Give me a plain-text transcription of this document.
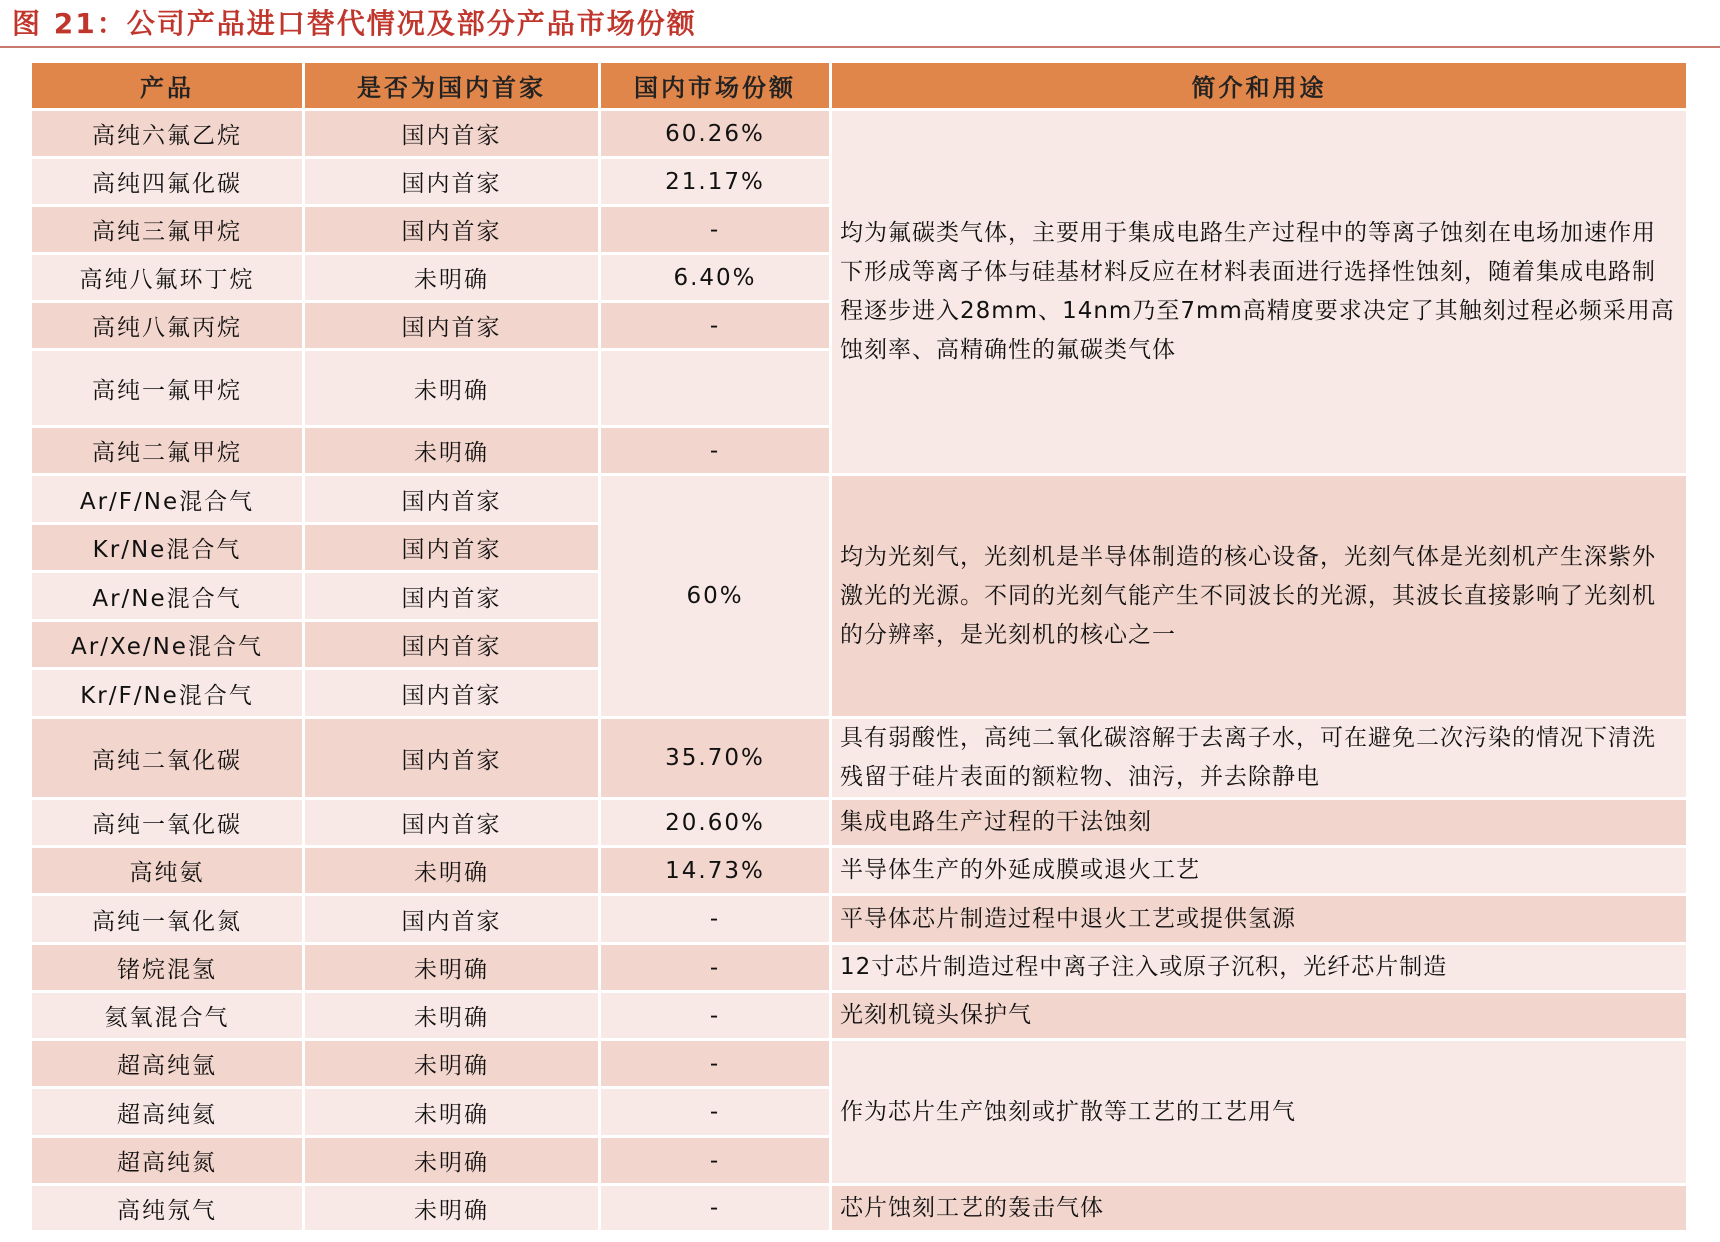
图 21：公司产品进口替代情况及部分产品市场份额
产品	是否为国内首家	国内市场份额	简介和用途
高纯六氟乙烷	国内首家	60.26%	均为氟碳类气体，主要用于集成电路生产过程中的等离子蚀刻在电场加速作用下形成等离子体与硅基材料反应在材料表面进行选择性蚀刻，随着集成电路制程逐步进入28mm、14nm乃至7mm高精度要求决定了其触刻过程必频采用高蚀刻率、高精确性的氟碳类气体
高纯四氟化碳	国内首家	21.17%	
高纯三氟甲烷	国内首家	-	
高纯八氟环丁烷	未明确	6.40%	
高纯八氟丙烷	国内首家	-	
高纯一氟甲烷	未明确		
高纯二氟甲烷	未明确	-	
Ar/F/Ne混合气	国内首家	60%	均为光刻气，光刻机是半导体制造的核心设备，光刻气体是光刻机产生深紫外激光的光源。不同的光刻气能产生不同波长的光源，其波长直接影响了光刻机的分辨率，是光刻机的核心之一
Kr/Ne混合气	国内首家		
Ar/Ne混合气	国内首家		
Ar/Xe/Ne混合气	国内首家		
Kr/F/Ne混合气	国内首家		
高纯二氧化碳	国内首家	35.70%	具有弱酸性，高纯二氧化碳溶解于去离子水，可在避免二次污染的情况下清洗残留于硅片表面的额粒物、油污，并去除静电
高纯一氧化碳	国内首家	20.60%	集成电路生产过程的干法蚀刻
高纯氨	未明确	14.73%	半导体生产的外延成膜或退火工艺
高纯一氧化氮	国内首家	-	平导体芯片制造过程中退火工艺或提供氢源
锗烷混氢	未明确	-	12寸芯片制造过程中离子注入或原子沉积，光纤芯片制造
氦氧混合气	未明确	-	光刻机镜头保护气
超高纯氩	未明确	-	作为芯片生产蚀刻或扩散等工艺的工艺用气
超高纯氦	未明确	-	
超高纯氮	未明确	-	
高纯氖气	未明确	-	芯片蚀刻工艺的轰击气体
